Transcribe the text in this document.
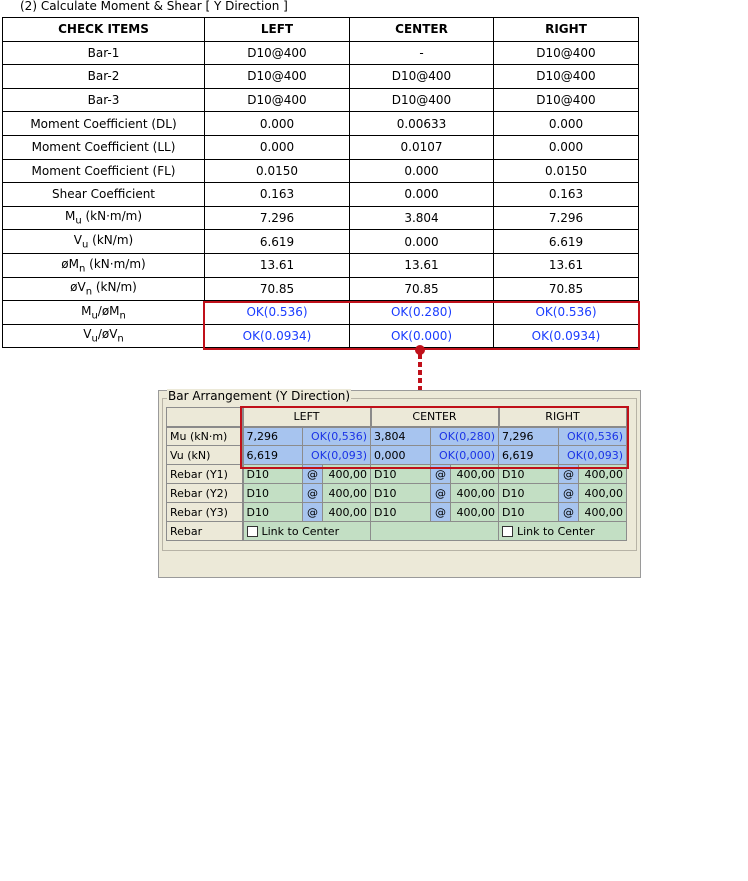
(2) Calculate Moment & Shear [ Y Direction ]
CHECK ITEMS	LEFT	CENTER	RIGHT
Bar-1	D10@400	-	D10@400
Bar-2	D10@400	D10@400	D10@400
Bar-3	D10@400	D10@400	D10@400
Moment Coefficient (DL)	0.000	0.00633	0.000
Moment Coefficient (LL)	0.000	0.0107	0.000
Moment Coefficient (FL)	0.0150	0.000	0.0150
Shear Coefficient	0.163	0.000	0.163
$M_u$ (kN·m/m)	7.296	3.804	7.296
$V_u$ (kN/m)	6.619	0.000	6.619
$øM_n$ (kN·m/m)	13.61	13.61	13.61
$øV_n$ (kN/m)	70.85	70.85	70.85
$M_u/øM_n$	OK(0.536)	OK(0.280)	OK(0.536)
$V_u/øV_n$	OK(0.0934)	OK(0.000)	OK(0.0934)
Bar Arrangement (Y Direction)
	LEFT			CENTER			RIGHT		
Mu (kN·m)	7,296	OK(0,536)		3,804	OK(0,280)		7,296	OK(0,536)	
Vu (kN)	6,619	OK(0,093)		0,000	OK(0,000)		6,619	OK(0,093)	
Rebar (Y1)	D10	@	400,00	D10	@	400,00	D10	@	400,00
Rebar (Y2)	D10	@	400,00	D10	@	400,00	D10	@	400,00
Rebar (Y3)	D10	@	400,00	D10	@	400,00	D10	@	400,00
Rebar	Link to Center						Link to Center		
